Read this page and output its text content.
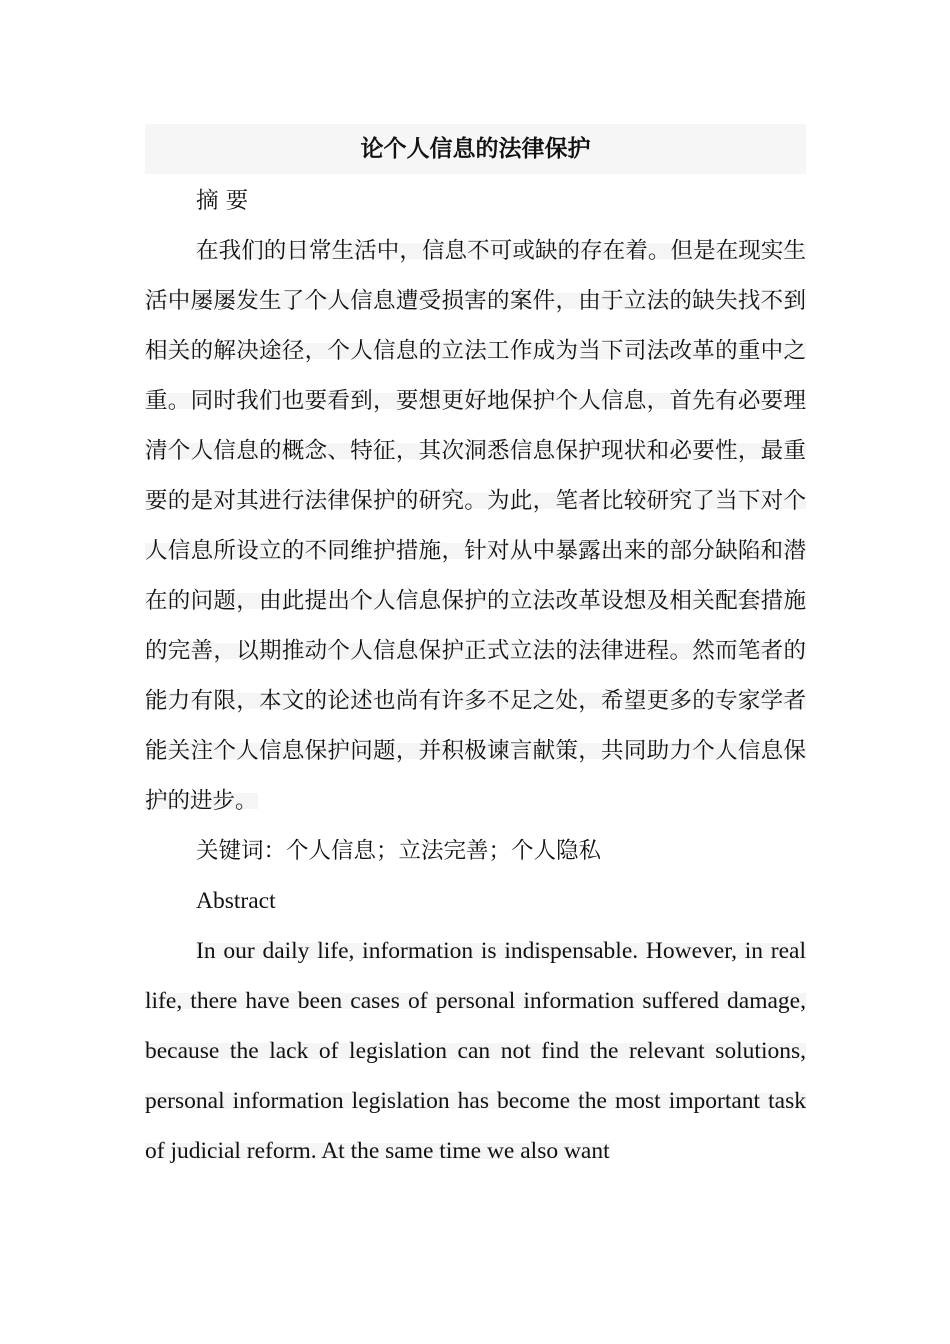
论个人信息的法律保护

摘 要

在我们的日常生活中，信息不可或缺的存在着。但是在现实生活中屡屡发生了个人信息遭受损害的案件，由于立法的缺失找不到相关的解决途径，个人信息的立法工作成为当下司法改革的重中之重。同时我们也要看到，要想更好地保护个人信息，首先有必要理清个人信息的概念、特征，其次洞悉信息保护现状和必要性，最重要的是对其进行法律保护的研究。为此，笔者比较研究了当下对个人信息所设立的不同维护措施，针对从中暴露出来的部分缺陷和潜在的问题，由此提出个人信息保护的立法改革设想及相关配套措施的完善，以期推动个人信息保护正式立法的法律进程。然而笔者的能力有限，本文的论述也尚有许多不足之处，希望更多的专家学者能关注个人信息保护问题，并积极谏言献策，共同助力个人信息保护的进步。

关键词：个人信息；立法完善；个人隐私

Abstract

In our daily life, information is indispensable. However, in real life, there have been cases of personal information suffered damage, because the lack of legislation can not find the relevant solutions, personal information legislation has become the most important task of judicial reform. At the same time we also want
